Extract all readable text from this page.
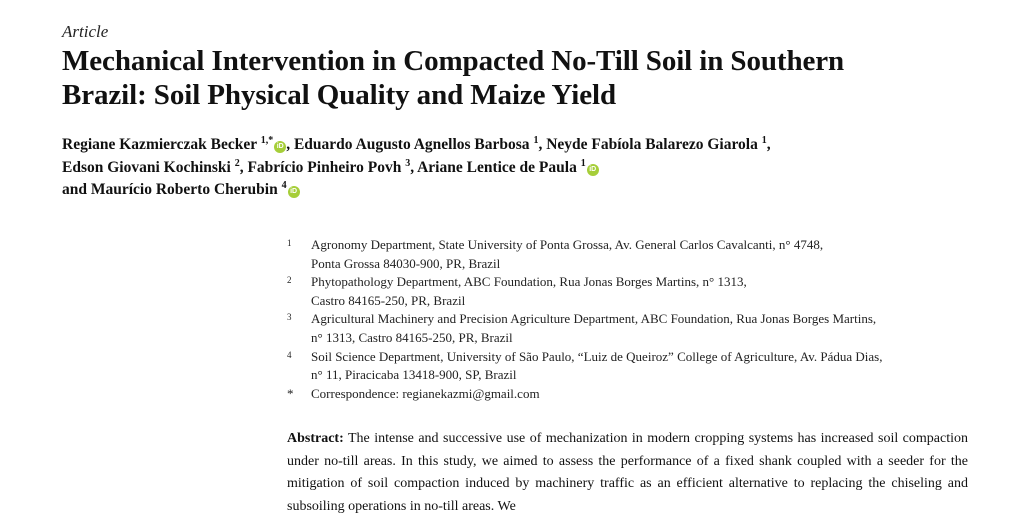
Article
Mechanical Intervention in Compacted No-Till Soil in Southern
Brazil: Soil Physical Quality and Maize Yield
Regiane Kazmierczak Becker $^{1,*}$iD , Eduardo Augusto Agnellos Barbosa $^1$, Neyde Fabíola Balarezo Giarola $^1$,
Edson Giovani Kochinski $^2$, Fabrício Pinheiro Povh $^3$, Ariane Lentice de Paula $^1$iD
and Maurício Roberto Cherubin $^4$iD
1 Agronomy Department, State University of Ponta Grossa, Av. General Carlos Cavalcanti, n° 4748,
Ponta Grossa 84030-900, PR, Brazil
2 Phytopathology Department, ABC Foundation, Rua Jonas Borges Martins, n° 1313,
Castro 84165-250, PR, Brazil
3 Agricultural Machinery and Precision Agriculture Department, ABC Foundation, Rua Jonas Borges Martins,
n° 1313, Castro 84165-250, PR, Brazil
4 Soil Science Department, University of São Paulo, “Luiz de Queiroz” College of Agriculture, Av. Pádua Dias,
n° 11, Piracicaba 13418-900, SP, Brazil
* Correspondence: regianekazmi@gmail.com
Abstract: The intense and successive use of mechanization in modern cropping systems has increased soil compaction under no-till areas. In this study, we aimed to assess the performance of a fixed shank coupled with a seeder for the mitigation of soil compaction induced by machinery traffic as an efficient alternative to replacing the chiseling and subsoiling operations in no-till areas. We
